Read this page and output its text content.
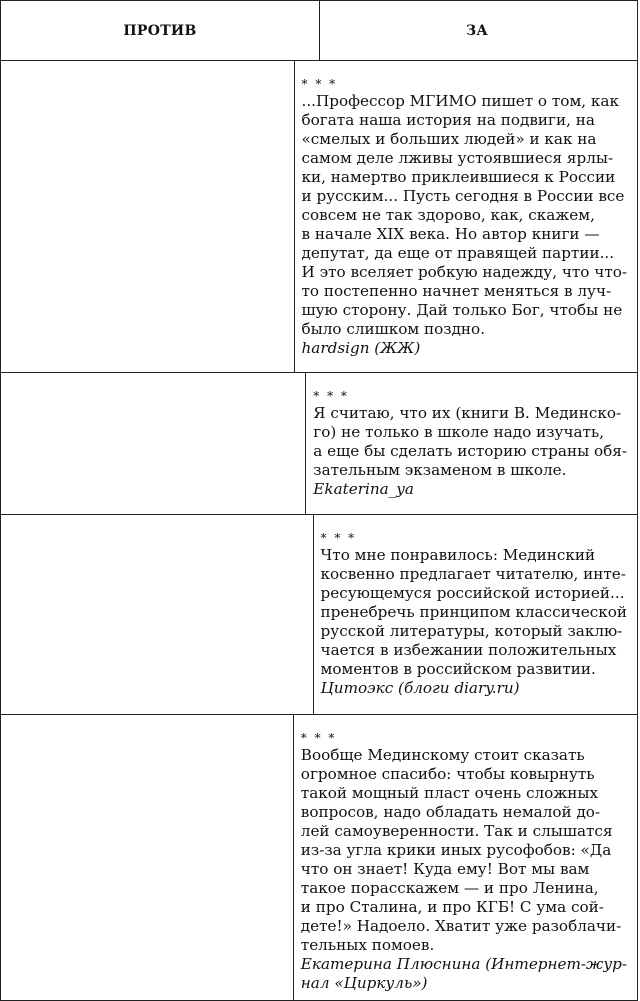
ПРОТИВ	ЗА
* * *
...Профессор МГИМО пишет о том, как
богата наша история на подвиги, на
«смелых и больших людей» и как на
самом деле лживы устоявшиеся ярлы-
ки, намертво приклеившиеся к России
и русским... Пусть сегодня в России все
совсем не так здорово, как, скажем,
в начале XIX века. Но автор книги —
депутат, да еще от правящей партии...
И это вселяет робкую надежду, что что-
то постепенно начнет меняться в луч-
шую сторону. Дай только Бог, чтобы не
было слишком поздно.
hardsign (ЖЖ)
* * *
Я считаю, что их (книги В. Мединско-
го) не только в школе надо изучать,
а еще бы сделать историю страны обя-
зательным экзаменом в школе.
Ekaterina_ya
* * *
Что мне понравилось: Мединский
косвенно предлагает читателю, инте-
ресующемуся российской историей...
пренебречь принципом классической
русской литературы, который заклю-
чается в избежании положительных
моментов в российском развитии.
Цитоэкс (блоги diary.ru)
* * *
Вообще Мединскому стоит сказать
огромное спасибо: чтобы ковырнуть
такой мощный пласт очень сложных
вопросов, надо обладать немалой до-
лей самоуверенности. Так и слышатся
из-за угла крики иных русофобов: «Да
что он знает! Куда ему! Вот мы вам
такое порасскажем — и про Ленина,
и про Сталина, и про КГБ! С ума сой-
дете!» Надоело. Хватит уже разоблачи-
тельных помоев.
Екатерина Плюснина (Интернет-жур-
нал «Циркуль»)
